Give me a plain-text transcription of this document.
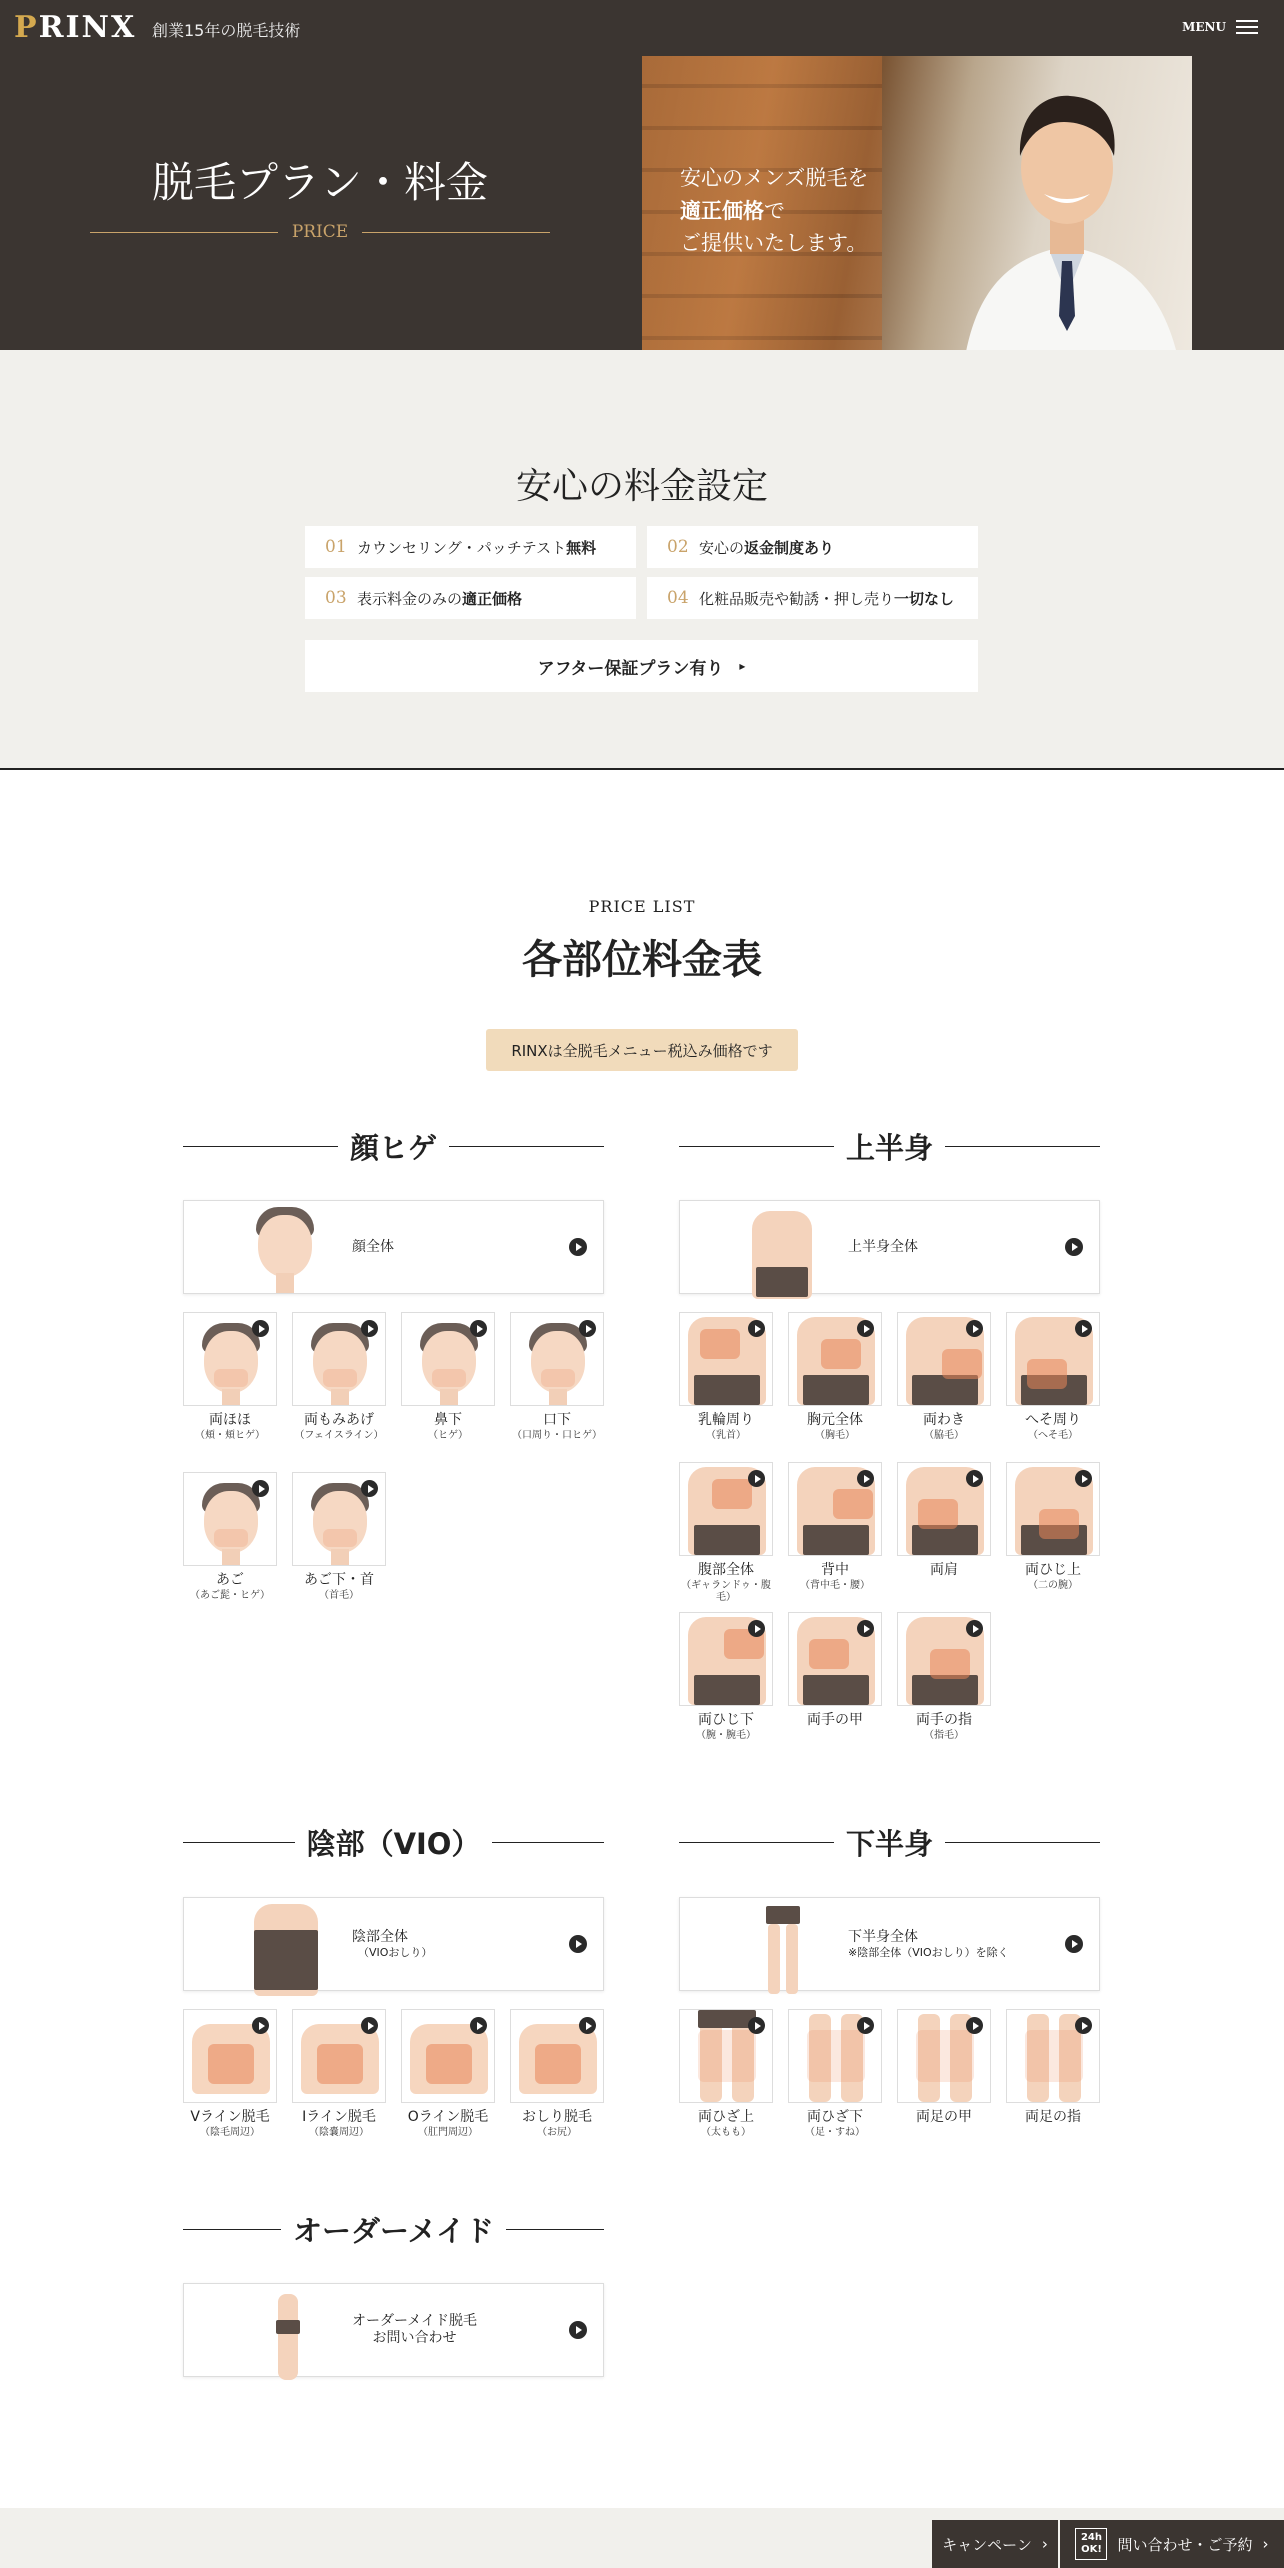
PRINX 創業15年の脱毛技術	MENU
脱毛プラン・料金
PRICE
安心のメンズ脱毛を
適正価格で
ご提供いたします。
安心の料金設定
01 カウンセリング・パッチテスト無料	02 安心の返金制度あり
03 表示料金のみの適正価格	04 化粧品販売や勧誘・押し売り一切なし
アフター保証プラン有り ▸
PRICE LIST
各部位料金表
RINXは全脱毛メニュー税込み価格です
顔ヒゲ
顔全体
上半身
上半身全体
陰部（VIO）
陰部全体
（VIOおしり）
下半身
下半身全体
※陰部全体（VIOおしり）を除く
オーダーメイド
オーダーメイド脱毛
お問い合わせ
両ほほ
（頬・頬ヒゲ）
両もみあげ
（フェイスライン）
鼻下
（ヒゲ）
口下
（口周り・口ヒゲ）
あご
（あご髭・ヒゲ）
あご下・首
（首毛）
乳輪周り
（乳首）
胸元全体
（胸毛）
両わき
（脇毛）
へそ周り
（へそ毛）
腹部全体
（ギャランドゥ・腹毛）
背中
（背中毛・腰）
両肩	両ひじ上
（二の腕）
両ひじ下
（腕・腕毛）
両手の甲	両手の指
（指毛）
Vライン脱毛
（陰毛周辺）
Iライン脱毛
（陰嚢周辺）
Oライン脱毛
（肛門周辺）
おしり脱毛
（お尻）
両ひざ上
（太もも）
両ひざ下
（足・すね）
両足の甲	両足の指
キャンペーン ›	24h OK!	問い合わせ・ご予約 ›
